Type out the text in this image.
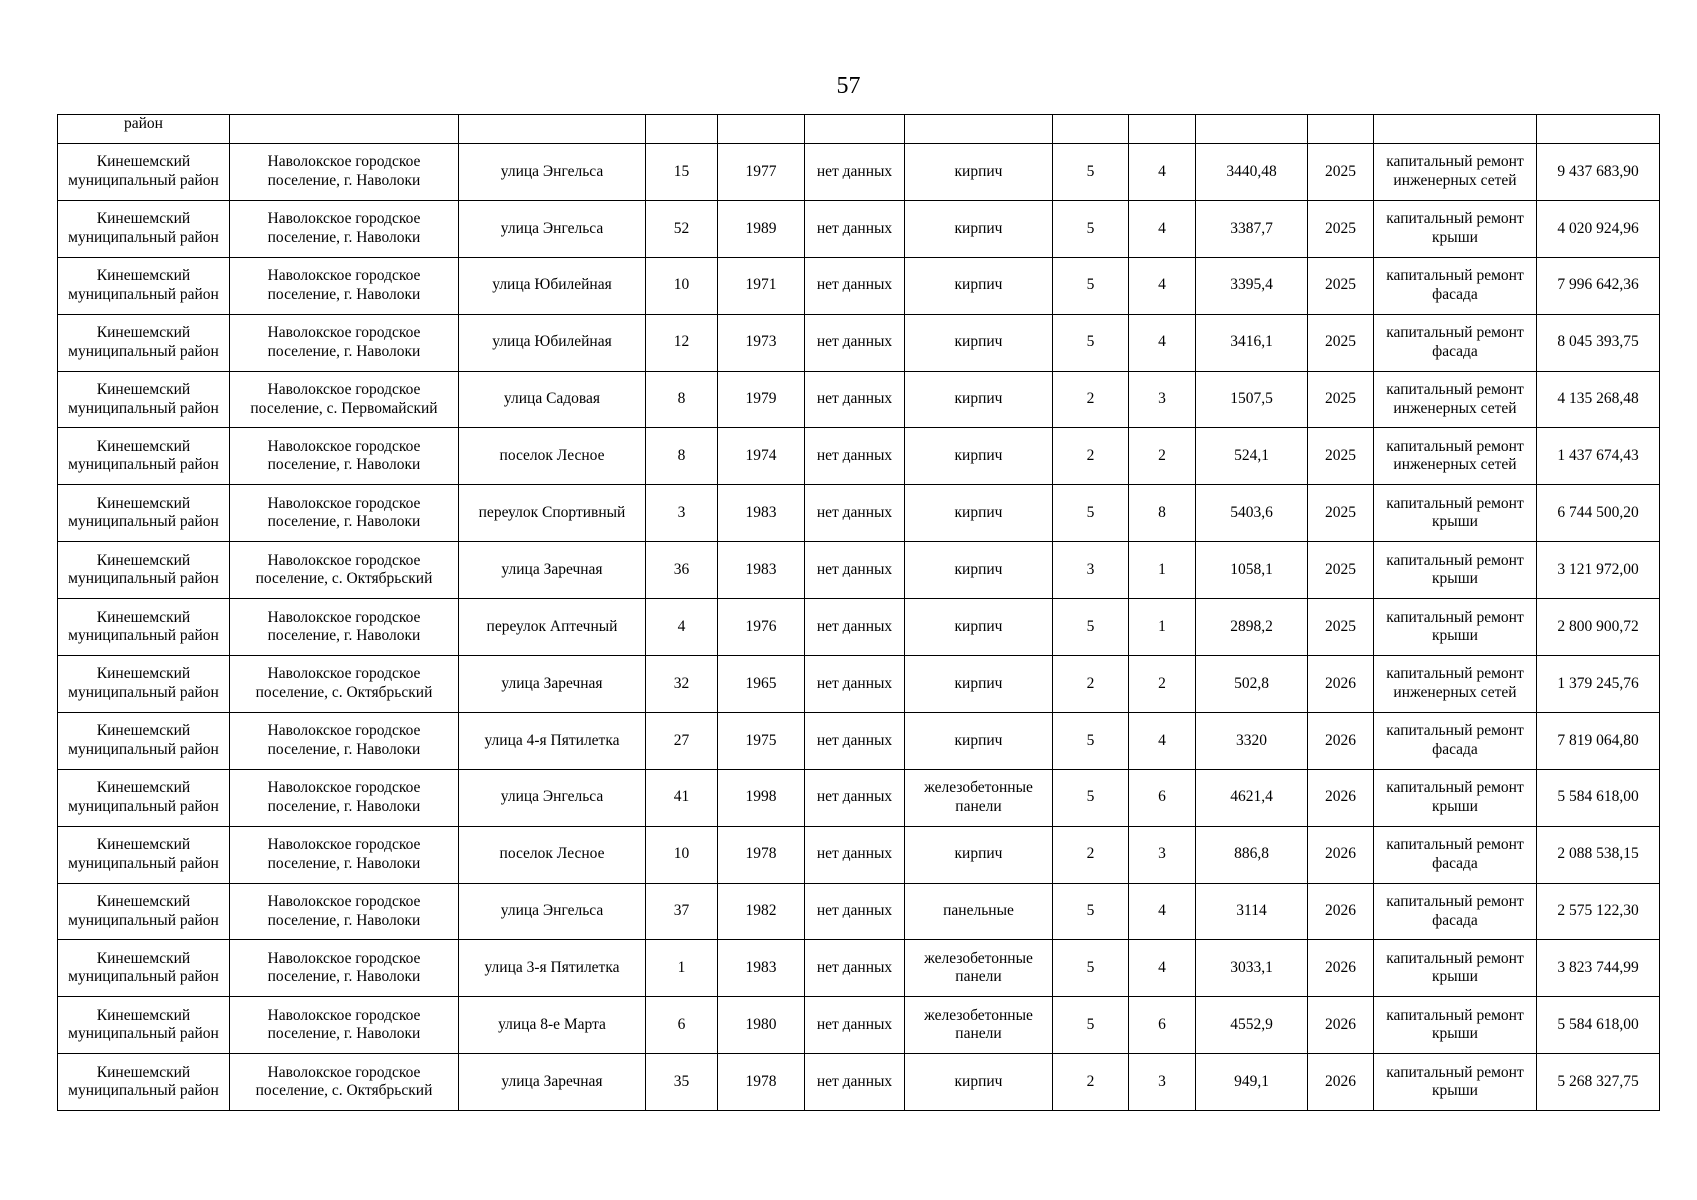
57
район												
Кинешемский муниципальный район	Наволокское городское поселение, г. Наволоки	улица Энгельса	15	1977	нет данных	кирпич	5	4	3440,48	2025	капитальный ремонт инженерных сетей	9 437 683,90
Кинешемский муниципальный район	Наволокское городское поселение, г. Наволоки	улица Энгельса	52	1989	нет данных	кирпич	5	4	3387,7	2025	капитальный ремонт крыши	4 020 924,96
Кинешемский муниципальный район	Наволокское городское поселение, г. Наволоки	улица Юбилейная	10	1971	нет данных	кирпич	5	4	3395,4	2025	капитальный ремонт фасада	7 996 642,36
Кинешемский муниципальный район	Наволокское городское поселение, г. Наволоки	улица Юбилейная	12	1973	нет данных	кирпич	5	4	3416,1	2025	капитальный ремонт фасада	8 045 393,75
Кинешемский муниципальный район	Наволокское городское поселение, с. Первомайский	улица Садовая	8	1979	нет данных	кирпич	2	3	1507,5	2025	капитальный ремонт инженерных сетей	4 135 268,48
Кинешемский муниципальный район	Наволокское городское поселение, г. Наволоки	поселок Лесное	8	1974	нет данных	кирпич	2	2	524,1	2025	капитальный ремонт инженерных сетей	1 437 674,43
Кинешемский муниципальный район	Наволокское городское поселение, г. Наволоки	переулок Спортивный	3	1983	нет данных	кирпич	5	8	5403,6	2025	капитальный ремонт крыши	6 744 500,20
Кинешемский муниципальный район	Наволокское городское поселение, с. Октябрьский	улица Заречная	36	1983	нет данных	кирпич	3	1	1058,1	2025	капитальный ремонт крыши	3 121 972,00
Кинешемский муниципальный район	Наволокское городское поселение, г. Наволоки	переулок Аптечный	4	1976	нет данных	кирпич	5	1	2898,2	2025	капитальный ремонт крыши	2 800 900,72
Кинешемский муниципальный район	Наволокское городское поселение, с. Октябрьский	улица Заречная	32	1965	нет данных	кирпич	2	2	502,8	2026	капитальный ремонт инженерных сетей	1 379 245,76
Кинешемский муниципальный район	Наволокское городское поселение, г. Наволоки	улица 4-я Пятилетка	27	1975	нет данных	кирпич	5	4	3320	2026	капитальный ремонт фасада	7 819 064,80
Кинешемский муниципальный район	Наволокское городское поселение, г. Наволоки	улица Энгельса	41	1998	нет данных	железобетонные панели	5	6	4621,4	2026	капитальный ремонт крыши	5 584 618,00
Кинешемский муниципальный район	Наволокское городское поселение, г. Наволоки	поселок Лесное	10	1978	нет данных	кирпич	2	3	886,8	2026	капитальный ремонт фасада	2 088 538,15
Кинешемский муниципальный район	Наволокское городское поселение, г. Наволоки	улица Энгельса	37	1982	нет данных	панельные	5	4	3114	2026	капитальный ремонт фасада	2 575 122,30
Кинешемский муниципальный район	Наволокское городское поселение, г. Наволоки	улица 3-я Пятилетка	1	1983	нет данных	железобетонные панели	5	4	3033,1	2026	капитальный ремонт крыши	3 823 744,99
Кинешемский муниципальный район	Наволокское городское поселение, г. Наволоки	улица 8-е Марта	6	1980	нет данных	железобетонные панели	5	6	4552,9	2026	капитальный ремонт крыши	5 584 618,00
Кинешемский муниципальный район	Наволокское городское поселение, с. Октябрьский	улица Заречная	35	1978	нет данных	кирпич	2	3	949,1	2026	капитальный ремонт крыши	5 268 327,75
